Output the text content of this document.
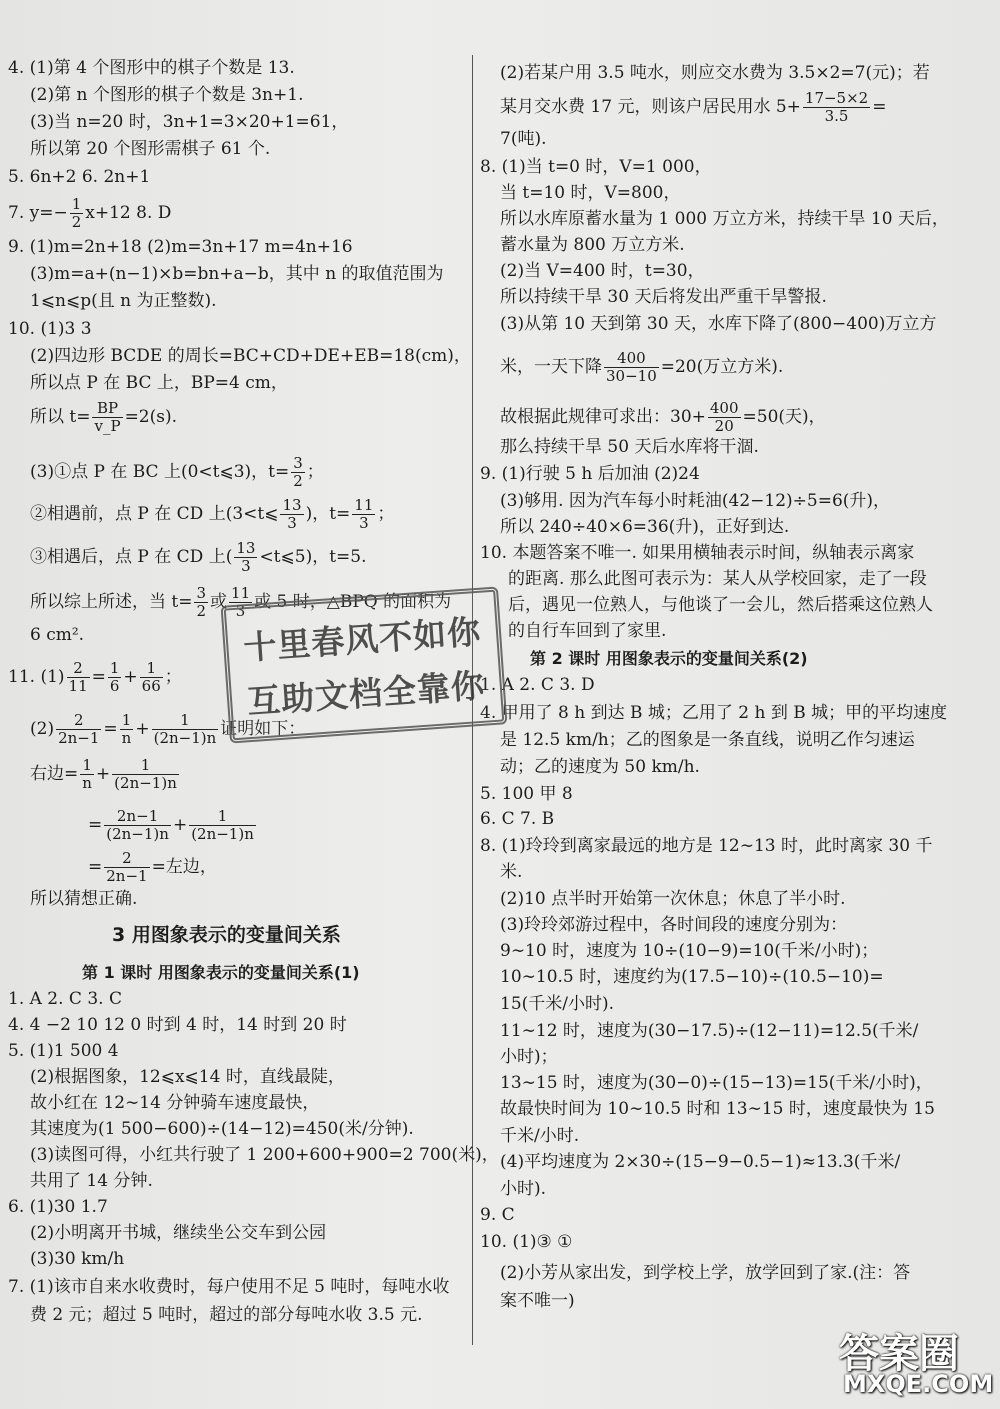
4. (1)第 4 个图形中的棋子个数是 13.
(2)第 n 个图形的棋子个数是 3n+1.
(3)当 n=20 时，3n+1=3×20+1=61，
所以第 20 个图形需棋子 61 个.
5. 6n+2 6. 2n+1
7. $y=- \frac{1}{2} x+12$ 8. D
9. (1)m=2n+18 (2)m=3n+17 m=4n+16
(3)m=a+(n−1)×b=bn+a−b，其中 n 的取值范围为
1⩽n⩽p(且 n 为正整数).
10. (1)3 3
(2)四边形 BCDE 的周长=BC+CD+DE+EB=18(cm)，
所以点 P 在 BC 上，BP=4 cm，
所以 $t= \frac{BP}{v\_P} =2(s)$.
(3)①点 P 在 BC 上(0<t⩽3)，$t= \frac{3}{2}$ ；
②相遇前，点 P 在 CD 上(3<t⩽ $\frac{13}{3}$ )，$t= \frac{11}{3}$ ；
③相遇后，点 P 在 CD 上( $\frac{13}{3}$ <t⩽5)，t=5.
所以综上所述，当 $t= \frac{3}{2}$ 或 $\frac{11}{3}$ 或 5 时，△BPQ 的面积为
6 cm².
11. $(1) \frac{2}{11} = \frac{1}{6} + \frac{1}{66}$ ；
$(2) \frac{2}{2n-1} = \frac{1}{n} + \frac{1}{(2n-1)n}$ 证明如下：
右边= $\frac{1}{n} + \frac{1}{(2n-1)n}$
= $\frac{2n-1}{(2n-1)n} + \frac{1}{(2n-1)n}$
= $\frac{2}{2n-1}$ =左边，
所以猜想正确.
3 用图象表示的变量间关系
第 1 课时 用图象表示的变量间关系(1)
1. A 2. C 3. C
4. 4 −2 10 12 0 时到 4 时，14 时到 20 时
5. (1)1 500 4
(2)根据图象，12⩽x⩽14 时，直线最陡，
故小红在 12∼14 分钟骑车速度最快，
其速度为(1 500−600)÷(14−12)=450(米/分钟).
(3)读图可得，小红共行驶了 1 200+600+900=2 700(米)，
共用了 14 分钟.
6. (1)30 1.7
(2)小明离开书城，继续坐公交车到公园
(3)30 km/h
7. (1)该市自来水收费时，每户使用不足 5 吨时，每吨水收
费 2 元；超过 5 吨时，超过的部分每吨水收 3.5 元.
(2)若某户用 3.5 吨水，则应交水费为 3.5×2=7(元)；若
某月交水费 17 元，则该户居民用水 $5+ \frac{17-5\times 2}{3.5}$ =
7(吨).
8. (1)当 t=0 时，V=1 000，
当 t=10 时，V=800，
所以水库原蓄水量为 1 000 万立方米，持续干旱 10 天后，
蓄水量为 800 万立方米.
(2)当 V=400 时，t=30，
所以持续干旱 30 天后将发出严重干旱警报.
(3)从第 10 天到第 30 天，水库下降了(800−400)万立方
米，一天下降 $\frac{400}{30-10} =20$(万立方米).
故根据此规律可求出：$30+ \frac{400}{20} =50$(天)，
那么持续干旱 50 天后水库将干涸.
9. (1)行驶 5 h 后加油 (2)24
(3)够用. 因为汽车每小时耗油(42−12)÷5=6(升)，
所以 240÷40×6=36(升)，正好到达.
10. 本题答案不唯一. 如果用横轴表示时间，纵轴表示离家
的距离. 那么此图可表示为：某人从学校回家，走了一段
后，遇见一位熟人，与他谈了一会儿，然后搭乘这位熟人
的自行车回到了家里.
第 2 课时 用图象表示的变量间关系(2)
1. A 2. C 3. D
4. 甲用了 8 h 到达 B 城；乙用了 2 h 到 B 城；甲的平均速度
是 12.5 km/h；乙的图象是一条直线，说明乙作匀速运
动；乙的速度为 50 km/h.
5. 100 甲 8
6. C 7. B
8. (1)玲玲到离家最远的地方是 12∼13 时，此时离家 30 千
米.
(2)10 点半时开始第一次休息；休息了半小时.
(3)玲玲郊游过程中，各时间段的速度分别为：
9∼10 时，速度为 10÷(10−9)=10(千米/小时)；
10∼10.5 时，速度约为(17.5−10)÷(10.5−10)=
15(千米/小时).
11∼12 时，速度为(30−17.5)÷(12−11)=12.5(千米/
小时)；
13∼15 时，速度为(30−0)÷(15−13)=15(千米/小时)，
故最快时间为 10∼10.5 时和 13∼15 时，速度最快为 15
千米/小时.
(4)平均速度为 2×30÷(15−9−0.5−1)≈13.3(千米/
小时).
9. C
10. (1)③ ①
(2)小芳从家出发，到学校上学，放学回到了家.(注：答
案不唯一)
十里春风不如你
互助文档全靠你
答案圈
MXQE.COM
